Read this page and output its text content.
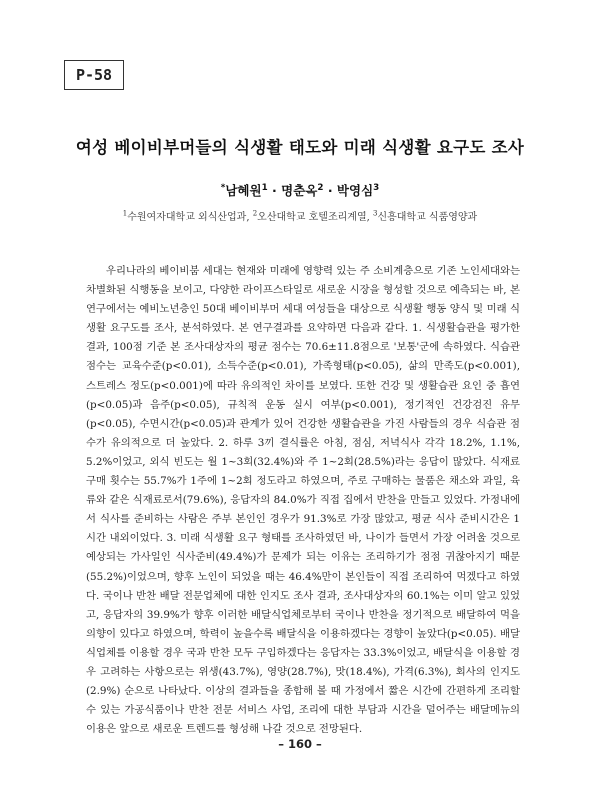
P-58
여성 베이비부머들의 식생활 태도와 미래 식생활 요구도 조사
*남혜원$^1$ · 명춘옥$^2$ · 박영심$^3$
$^1$수원여자대학교 외식산업과, $^2$오산대학교 호텔조리계열, $^3$신흥대학교 식품영양과

우리나라의 베이비붐 세대는 현재와 미래에 영향력 있는 주 소비계층으로 기존 노인세대와는 차별화된 식행동을 보이고, 다양한 라이프스타일로 새로운 시장을 형성할 것으로 예측되는 바, 본 연구에서는 예비노년층인 50대 베이비부머 세대 여성들을 대상으로 식생활 행동 양식 및 미래 식생활 요구도를 조사, 분석하였다. 본 연구결과를 요약하면 다음과 같다. 1. 식생활습관을 평가한 결과, 100점 기준 본 조사대상자의 평균 점수는 70.6±11.8점으로 '보통'군에 속하였다. 식습관 점수는 교육수준(p<0.01), 소득수준(p<0.01), 가족형태(p<0.05), 삶의 만족도(p<0.001), 스트레스 정도(p<0.001)에 따라 유의적인 차이를 보였다. 또한 건강 및 생활습관 요인 중 흡연(p<0.05)과 음주(p<0.05), 규칙적 운동 실시 여부(p<0.001), 정기적인 건강검진 유무(p<0.05), 수면시간(p<0.05)과 관계가 있어 건강한 생활습관을 가진 사람들의 경우 식습관 점수가 유의적으로 더 높았다. 2. 하루 3끼 결식률은 아침, 점심, 저녁식사 각각 18.2%, 1.1%, 5.2%이었고, 외식 빈도는 월 1~3회(32.4%)와 주 1~2회(28.5%)라는 응답이 많았다. 식재료 구매 횟수는 55.7%가 1주에 1~2회 정도라고 하였으며, 주로 구매하는 물품은 채소와 과일, 육류와 같은 식재료로서(79.6%), 응답자의 84.0%가 직접 집에서 반찬을 만들고 있었다. 가정내에서 식사를 준비하는 사람은 주부 본인인 경우가 91.3%로 가장 많았고, 평균 식사 준비시간은 1시간 내외이었다. 3. 미래 식생활 요구 형태를 조사하였던 바, 나이가 들면서 가장 어려울 것으로 예상되는 가사일인 식사준비(49.4%)가 문제가 되는 이유는 조리하기가 점점 귀찮아지기 때문(55.2%)이었으며, 향후 노인이 되었을 때는 46.4%만이 본인들이 직접 조리하여 먹겠다고 하였다. 국이나 반찬 배달 전문업체에 대한 인지도 조사 결과, 조사대상자의 60.1%는 이미 알고 있었고, 응답자의 39.9%가 향후 이러한 배달식업체로부터 국이나 반찬을 정기적으로 배달하여 먹을 의향이 있다고 하였으며, 학력이 높을수록 배달식을 이용하겠다는 경향이 높았다(p<0.05). 배달식업체를 이용할 경우 국과 반찬 모두 구입하겠다는 응답자는 33.3%이었고, 배달식을 이용할 경우 고려하는 사항으로는 위생(43.7%), 영양(28.7%), 맛(18.4%), 가격(6.3%), 회사의 인지도(2.9%) 순으로 나타났다. 이상의 결과들을 종합해 볼 때 가정에서 짧은 시간에 간편하게 조리할 수 있는 가공식품이나 반찬 전문 서비스 사업, 조리에 대한 부담과 시간을 덜어주는 배달메뉴의 이용은 앞으로 새로운 트렌드를 형성해 나갈 것으로 전망된다.

– 160 –
